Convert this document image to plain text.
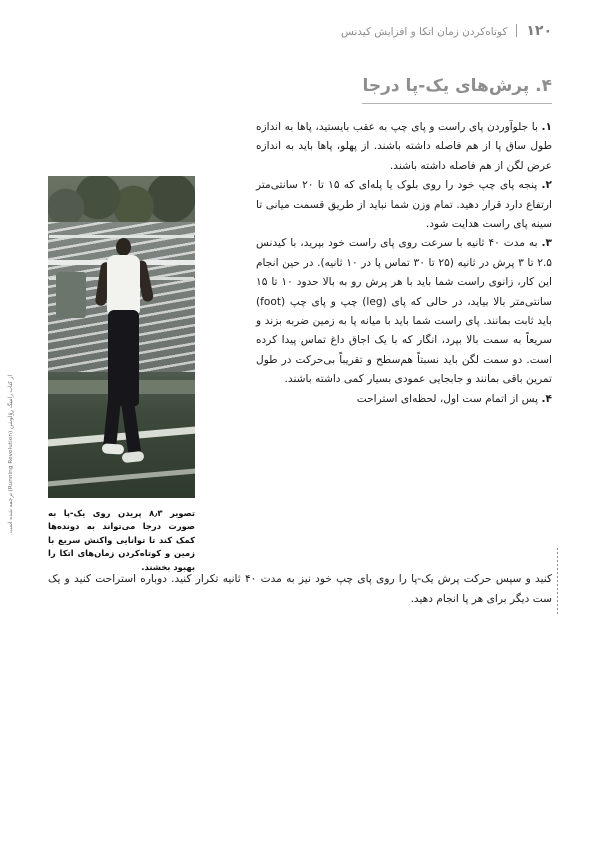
۱۲۰
کوتاه‌کردن زمان اتکا و افزایش کیدنس
۴. پرش‌های یک-پا درجا
تصویر ۸٫۳ پریدن روی یک‌-پا به صورت درجا می‌تواند به دونده‌ها کمک کند تا توانایی واکنش سریع با زمین و کوتاه‌کردن زمان‌های اتکا را بهبود بخشند.

۱. با جلوآوردن پای راست و پای چپ به عقب بایستید، پاها به اندازه طول ساق پا از هم فاصله داشته باشند. از پهلو، پاها باید به اندازه عرض لگن از هم فاصله داشته باشند.

۲. پنجه پای چپ خود را روی بلوک یا پله‌ای که ۱۵ تا ۲۰ سانتی‌متر ارتفاع دارد قرار دهید. تمام وزن شما نباید از طریق قسمت میانی تا سینه پای راست هدایت شود.

۳. به مدت ۴۰ ثانیه با سرعت روی پای راست خود بپرید، با کیدنس ۲.۵ تا ۳ پرش در ثانیه (۲۵ تا ۳۰ تماس پا در ۱۰ ثانیه). در حین انجام این کار، زانوی راست شما باید با هر پرش رو به بالا حدود ۱۰ تا ۱۵ سانتی‌متر بالا بیاید، در حالی که پای (leg) چپ و پای چپ (foot) باید ثابت بمانند. پای راست شما باید با میانه پا به زمین ضربه بزند و سریعاً به سمت بالا بپرد، انگار که با یک اجاق داغ تماس پیدا کرده است. دو سمت لگن باید نسبتاً هم‌سطح و تقریباً بی‌حرکت در طول تمرین باقی بمانند و جابجایی عمودی بسیار کمی داشته باشند.

۴. پس از اتمام ست اول، لحظه‌ای استراحت

کنید و سپس حرکت پرش یک‌-پا را روی پای چپ خود نیز به مدت ۴۰ ثانیه تکرار کنید. دوباره استراحت کنید و یک ست دیگر برای هر پا انجام دهید.
از کتاب رانینگ رِوُلوشن (Running Revolution) ترجمه شده است.
